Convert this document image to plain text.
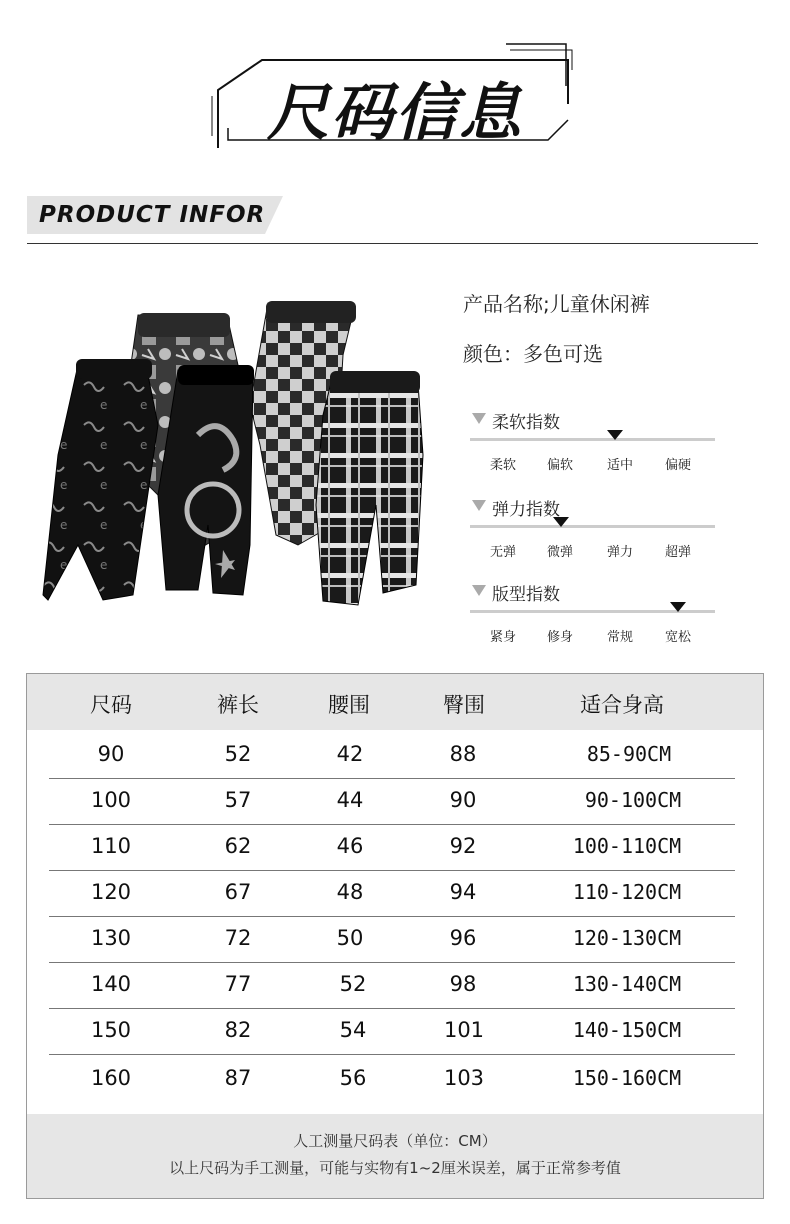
尺码信息
PRODUCT INFOR
产品名称;儿童休闲裤
颜色：多色可选
柔软指数
柔软 偏软	适中 偏硬
弹力指数
无弹 微弹	弹力 超弹
版型指数
紧身 修身	常规 宽松
尺码	裤长	腰围	臀围	适合身高
90	52	42	88	85-90CM
100	57	44	90	90-100CM
110	62	46	92	100-110CM
120	67	48	94	110-120CM
130	72	50	96	120-130CM
140	77	52	98	130-140CM
150	82	54	101	140-150CM
160	87	56	103	150-160CM
人工测量尺码表（单位：CM）
以上尺码为手工测量，可能与实物有1~2厘米误差，属于正常参考值
